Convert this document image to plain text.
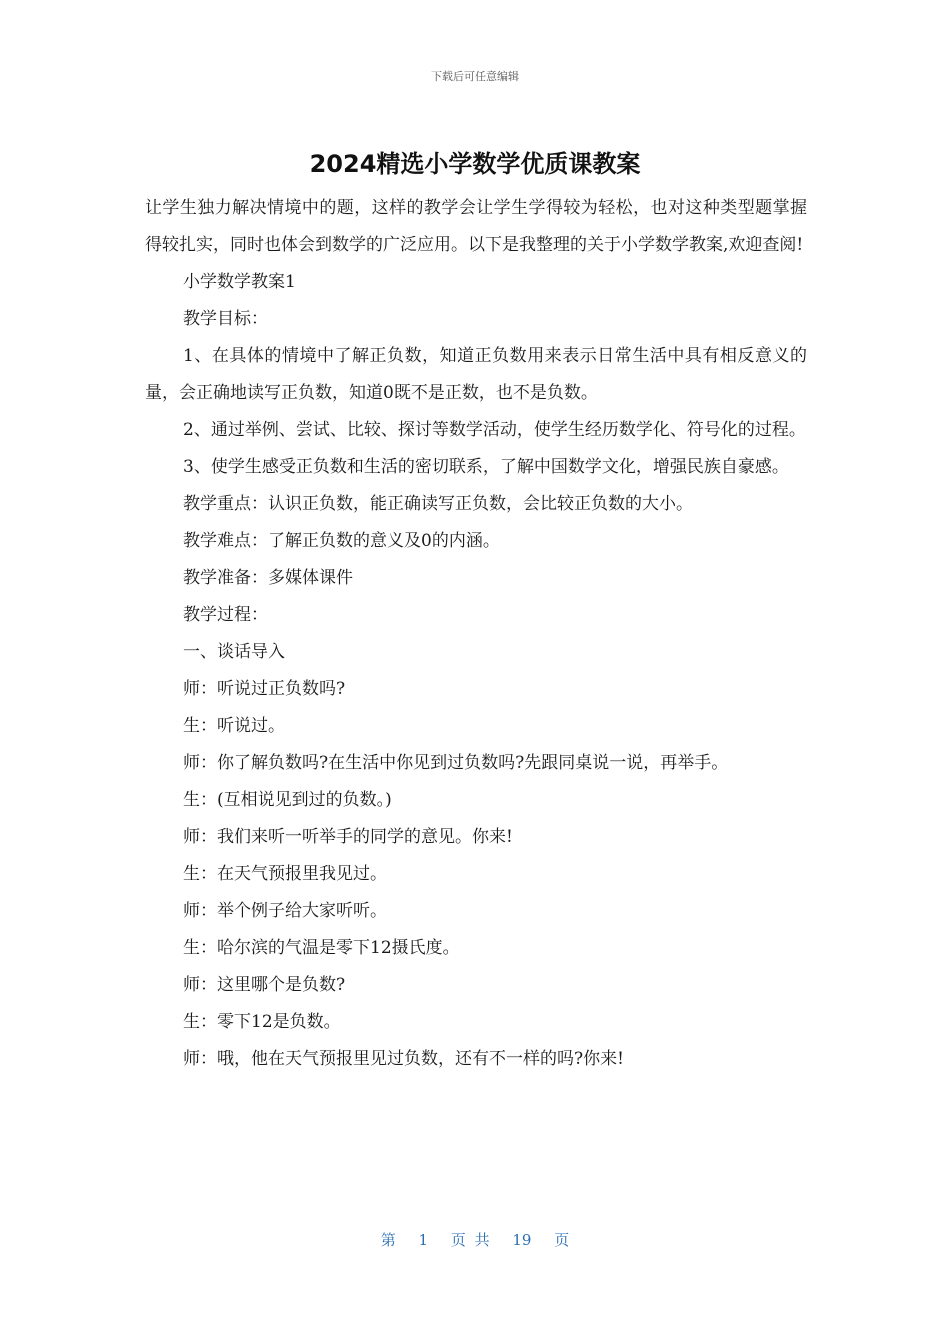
下载后可任意编辑
2024精选小学数学优质课教案

让学生独力解决情境中的题，这样的教学会让学生学得较为轻松，也对这种类型题掌握得较扎实，同时也体会到数学的广泛应用。以下是我整理的关于小学数学教案,欢迎查阅!

小学数学教案1

教学目标：

1、在具体的情境中了解正负数，知道正负数用来表示日常生活中具有相反意义的量，会正确地读写正负数，知道0既不是正数，也不是负数。

2、通过举例、尝试、比较、探讨等数学活动，使学生经历数学化、符号化的过程。

3、使学生感受正负数和生活的密切联系，了解中国数学文化，增强民族自豪感。

教学重点：认识正负数，能正确读写正负数，会比较正负数的大小。

教学难点：了解正负数的意义及0的内涵。

教学准备：多媒体课件

教学过程：

一、谈话导入

师：听说过正负数吗?

生：听说过。

师：你了解负数吗?在生活中你见到过负数吗?先跟同桌说一说，再举手。

生：(互相说见到过的负数。)

师：我们来听一听举手的同学的意见。你来!

生：在天气预报里我见过。

师：举个例子给大家听听。

生：哈尔滨的气温是零下12摄氏度。

师：这里哪个是负数?

生：零下12是负数。

师：哦，他在天气预报里见过负数，还有不一样的吗?你来!

第 1 页 共 19 页
